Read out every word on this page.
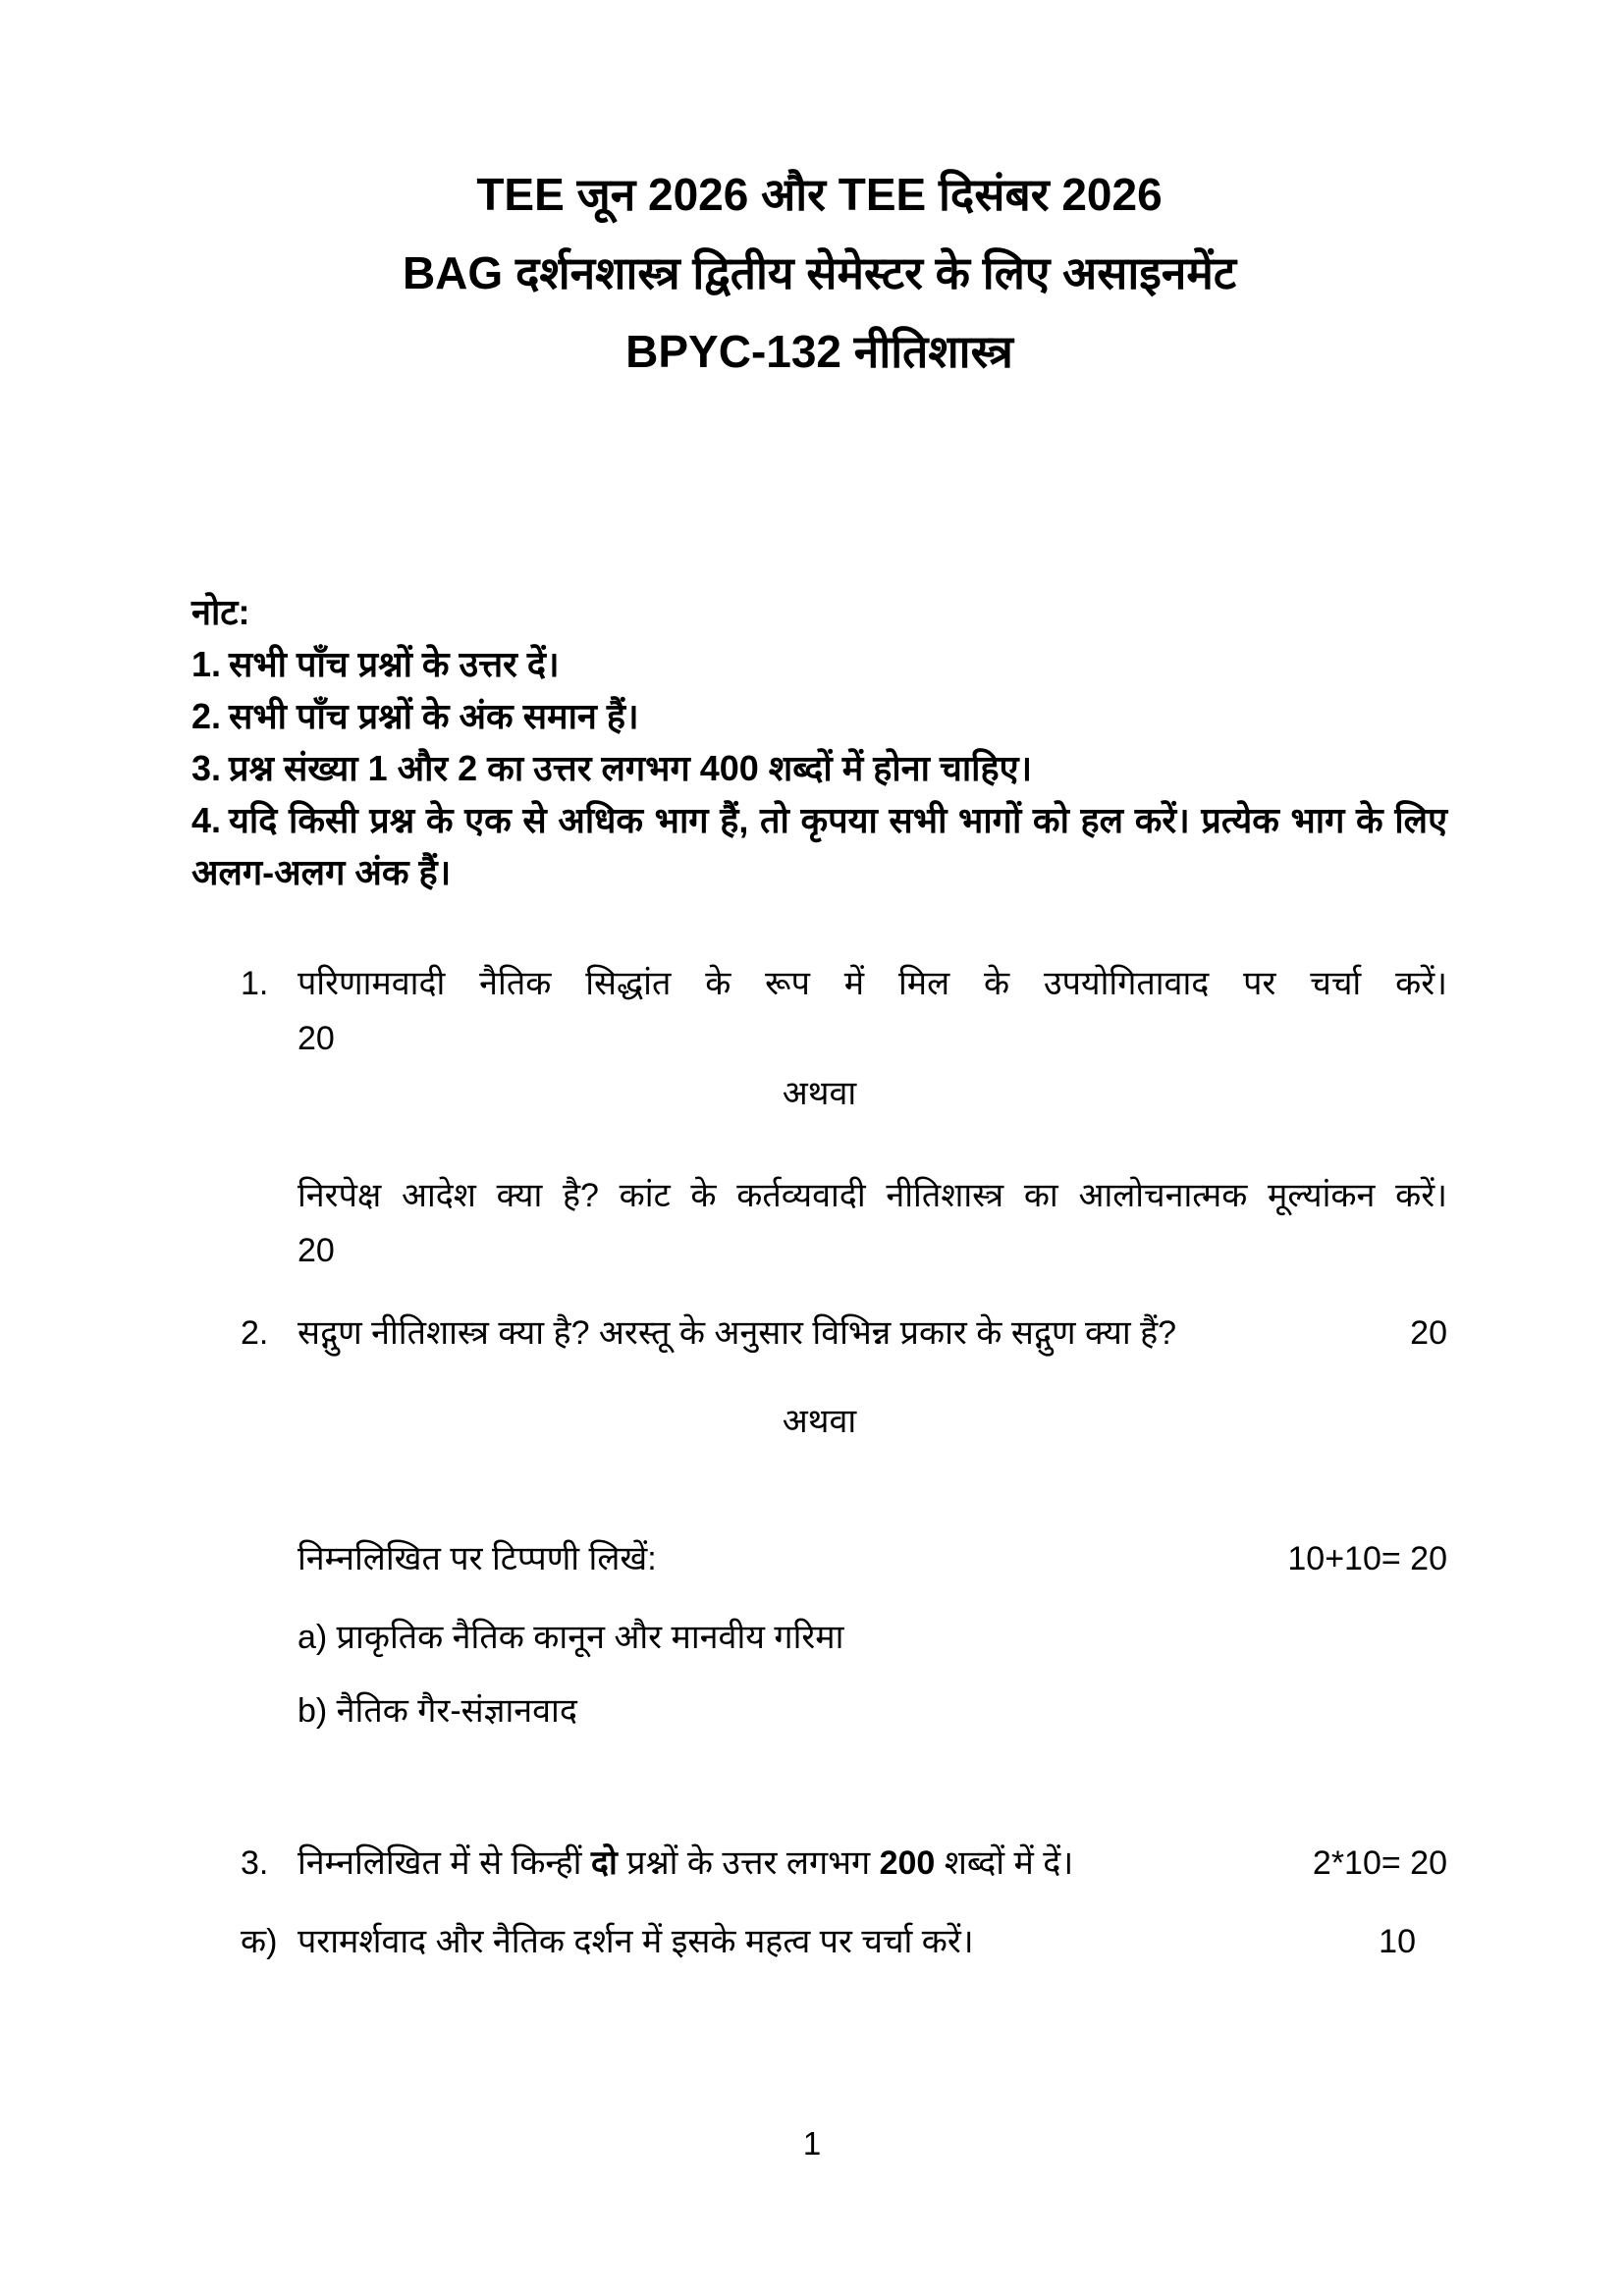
TEE जून 2026 और TEE दिसंबर 2026
BAG दर्शनशास्त्र द्वितीय सेमेस्टर के लिए असाइनमेंट
BPYC-132 नीतिशास्त्र
नोट:

1. सभी पाँच प्रश्नों के उत्तर दें।

2. सभी पाँच प्रश्नों के अंक समान हैं।

3. प्रश्न संख्या 1 और 2 का उत्तर लगभग 400 शब्दों में होना चाहिए।

4. यदि किसी प्रश्न के एक से अधिक भाग हैं, तो कृपया सभी भागों को हल करें। प्रत्येक भाग के लिए अलग-अलग अंक हैं।

1. परिणामवादी नैतिक सिद्धांत के रूप में मिल के उपयोगितावाद पर चर्चा करें।
20
अथवा
निरपेक्ष आदेश क्या है? कांट के कर्तव्यवादी नीतिशास्त्र का आलोचनात्मक मूल्यांकन करें।
20
2. सद्गुण नीतिशास्त्र क्या है? अरस्तू के अनुसार विभिन्न प्रकार के सद्गुण क्या हैं?	20
अथवा
निम्नलिखित पर टिप्पणी लिखें:	10+10= 20
a) प्राकृतिक नैतिक कानून और मानवीय गरिमा
b) नैतिक गैर-संज्ञानवाद
3. निम्नलिखित में से किन्हीं दो प्रश्नों के उत्तर लगभग 200 शब्दों में दें।	2*10= 20
क) परामर्शवाद और नैतिक दर्शन में इसके महत्व पर चर्चा करें।	10
1
